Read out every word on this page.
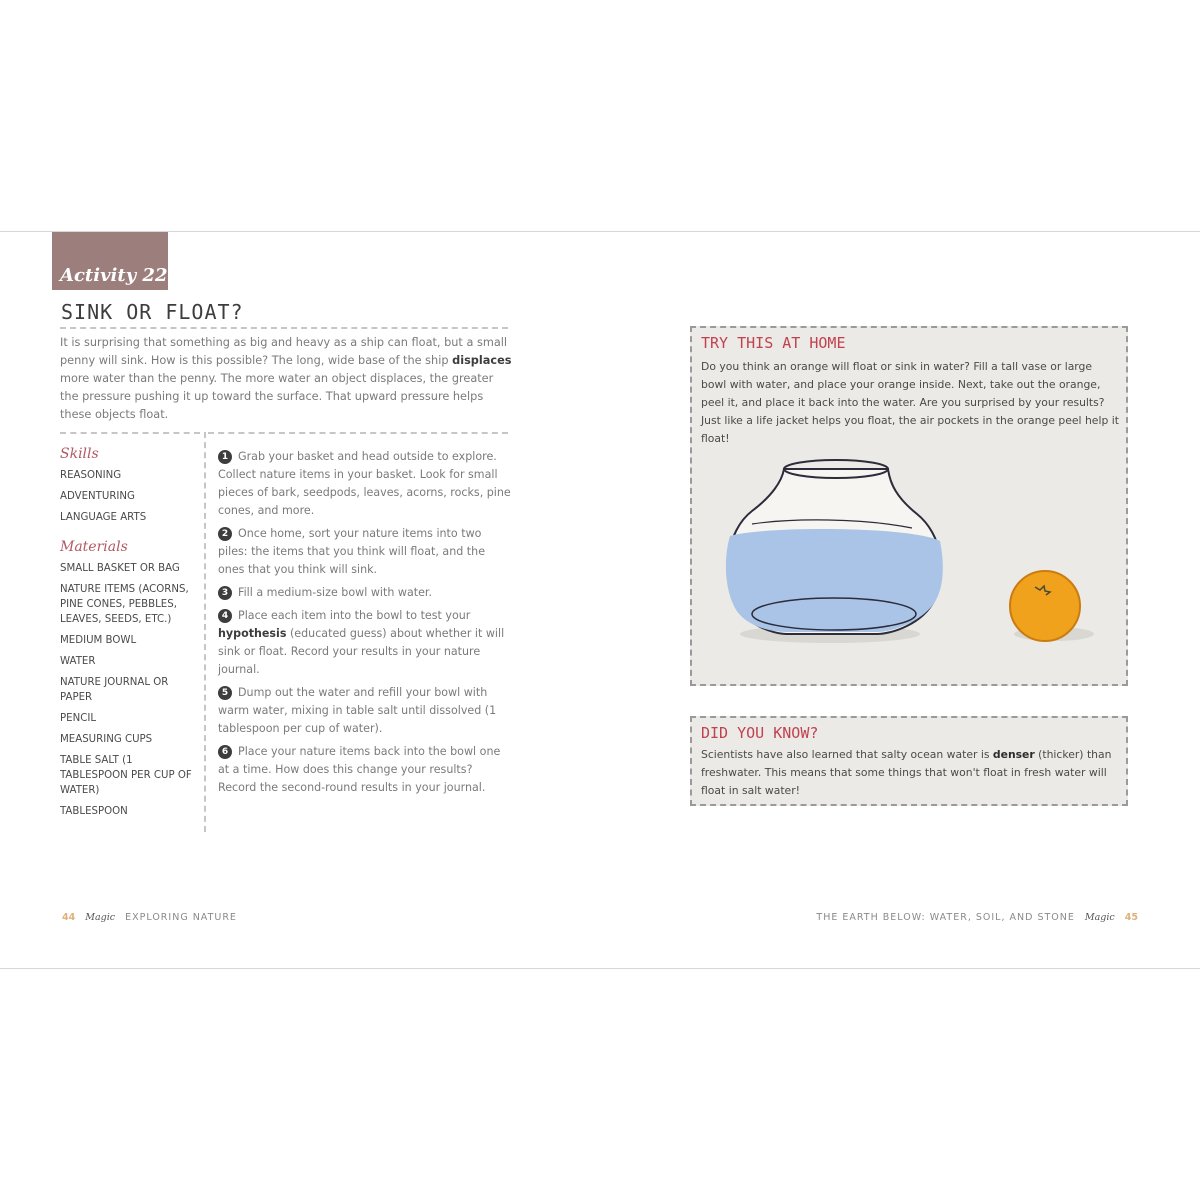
Activity 22
SINK OR FLOAT?
It is surprising that something as big and heavy as a ship can float, but a small penny will sink. How is this possible? The long, wide base of the ship displaces more water than the penny. The more water an object displaces, the greater the pressure pushing it up toward the surface. That upward pressure helps these objects float.
Skills
REASONING
ADVENTURING
LANGUAGE ARTS
Materials
SMALL BASKET OR BAG
NATURE ITEMS (ACORNS, PINE CONES, PEBBLES, LEAVES, SEEDS, ETC.)
MEDIUM BOWL
WATER
NATURE JOURNAL OR PAPER
PENCIL
MEASURING CUPS
TABLE SALT (1 TABLESPOON PER CUP OF WATER)
TABLESPOON
1 Grab your basket and head outside to explore. Collect nature items in your basket. Look for small pieces of bark, seedpods, leaves, acorns, rocks, pine cones, and more.
2 Once home, sort your nature items into two piles: the items that you think will float, and the ones that you think will sink.
3 Fill a medium-size bowl with water.
4 Place each item into the bowl to test your hypothesis (educated guess) about whether it will sink or float. Record your results in your nature journal.
5 Dump out the water and refill your bowl with warm water, mixing in table salt until dissolved (1 tablespoon per cup of water).
6 Place your nature items back into the bowl one at a time. How does this change your results? Record the second-round results in your journal.
TRY THIS AT HOME

Do you think an orange will float or sink in water? Fill a tall vase or large bowl with water, and place your orange inside. Next, take out the orange, peel it, and place it back into the water. Are you surprised by your results? Just like a life jacket helps you float, the air pockets in the orange peel help it float!

DID YOU KNOW?

Scientists have also learned that salty ocean water is denser (thicker) than freshwater. This means that some things that won't float in fresh water will float in salt water!

44 Magic EXPLORING NATURE	THE EARTH BELOW: WATER, SOIL, AND STONE Magic 45
